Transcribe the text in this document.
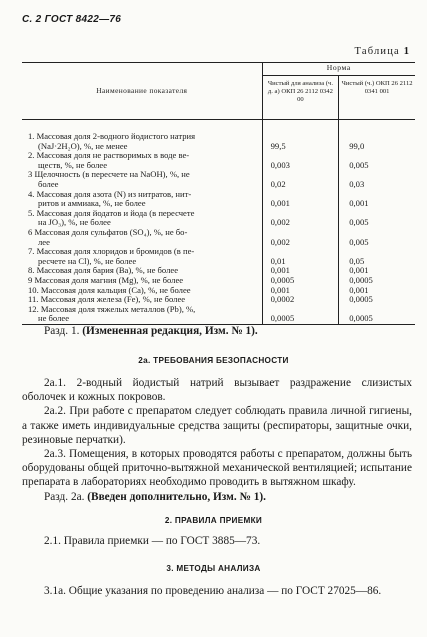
С. 2 ГОСТ 8422—76
Таблица 1
Наименование показателя	Норма	
	Чистый для анализа (ч. д. а) ОКП 26 2112 0342 00	Чистый (ч.) ОКП 26 2112 0341 001

1. Массовая доля 2-водного йодистого натрия
(NaJ·2H₂O), %, не менее	99,5	99,0

2. Массовая доля не растворимых в воде ве-
ществ, %, не более	0,003	0,005

3 Щелочность (в пересчете на NaOH), %, не
более	0,02	0,03

4. Массовая доля азота (N) из нитратов, нит-
ритов и аммиака, %, не более	0,001	0,001

5. Массовая доля йодатов и йода (в пересчете
на JO₃), %, не более	0,002	0,005

6 Массовая доля сульфатов (SO₄), %, не бо-
лее	0,002	0,005

7. Массовая доля хлоридов и бромидов (в пе-
ресчете на Cl), %, не более	0,01	0,05

8. Массовая доля бария (Ba), %, не более	0,001	0,001

9 Массовая доля магния (Mg), %, не более	0,0005	0,0005

10. Массовая доля кальция (Ca), %, не более	0,001	0,001

11. Массовая доля железа (Fe), %, не более	0,0002	0,0005

12. Массовая доля тяжелых металлов (Pb), %,
не более	0,0005	0,0005

Разд. 1. (Измененная редакция, Изм. № 1).

2а. ТРЕБОВАНИЯ БЕЗОПАСНОСТИ

2а.1. 2-водный йодистый натрий вызывает раздражение слизистых оболочек и кожных покровов.

2а.2. При работе с препаратом следует соблюдать правила личной гигиены, а также иметь индивидуальные средства защиты (респираторы, защитные очки, резиновые перчатки).

2а.3. Помещения, в которых проводятся работы с препаратом, должны быть оборудованы общей приточно-вытяжной механической вентиляцией; испытание препарата в лабораториях необходимо проводить в вытяжном шкафу.

Разд. 2а. (Введен дополнительно, Изм. № 1).

2. ПРАВИЛА ПРИЕМКИ

2.1. Правила приемки — по ГОСТ 3885—73.

3. МЕТОДЫ АНАЛИЗА

3.1а. Общие указания по проведению анализа — по ГОСТ 27025—86.
